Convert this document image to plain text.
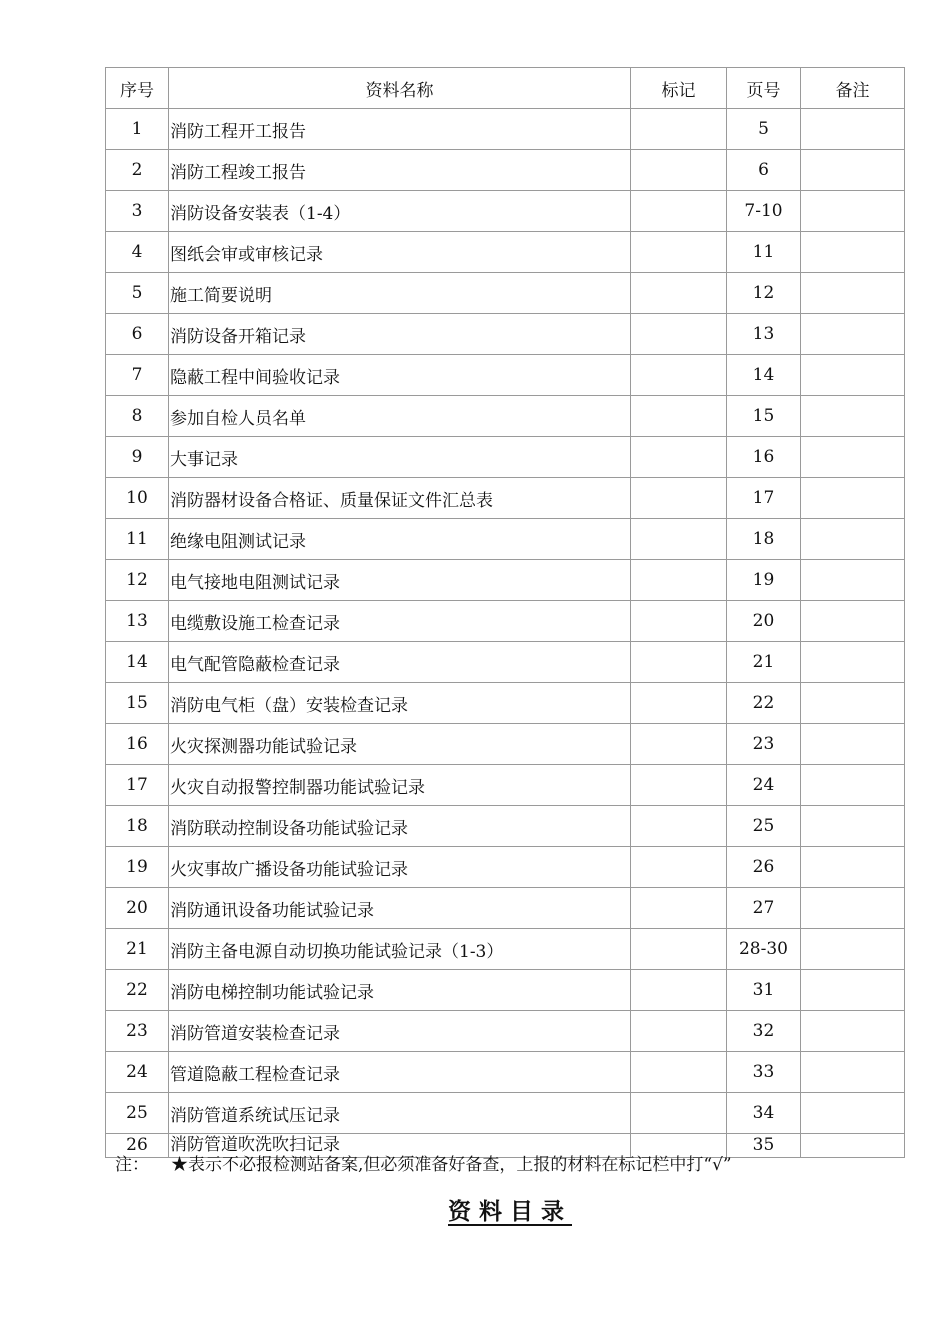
序号	资料名称	标记	页号	备注
1	消防工程开工报告		5	
2	消防工程竣工报告		6	
3	消防设备安装表（1-4）		7-10	
4	图纸会审或审核记录		11	
5	施工简要说明		12	
6	消防设备开箱记录		13	
7	隐蔽工程中间验收记录		14	
8	参加自检人员名单		15	
9	大事记录		16	
10	消防器材设备合格证、质量保证文件汇总表		17	
11	绝缘电阻测试记录		18	
12	电气接地电阻测试记录		19	
13	电缆敷设施工检查记录		20	
14	电气配管隐蔽检查记录		21	
15	消防电气柜（盘）安装检查记录		22	
16	火灾探测器功能试验记录		23	
17	火灾自动报警控制器功能试验记录		24	
18	消防联动控制设备功能试验记录		25	
19	火灾事故广播设备功能试验记录		26	
20	消防通讯设备功能试验记录		27	
21	消防主备电源自动切换功能试验记录（1-3）		28-30	
22	消防电梯控制功能试验记录		31	
23	消防管道安装检查记录		32	
24	管道隐蔽工程检查记录		33	
25	消防管道系统试压记录		34	
26	消防管道吹洗吹扫记录		35	
注： ★表示不必报检测站备案,但必须准备好备查，上报的材料在标记栏中打“√”
资料目录
